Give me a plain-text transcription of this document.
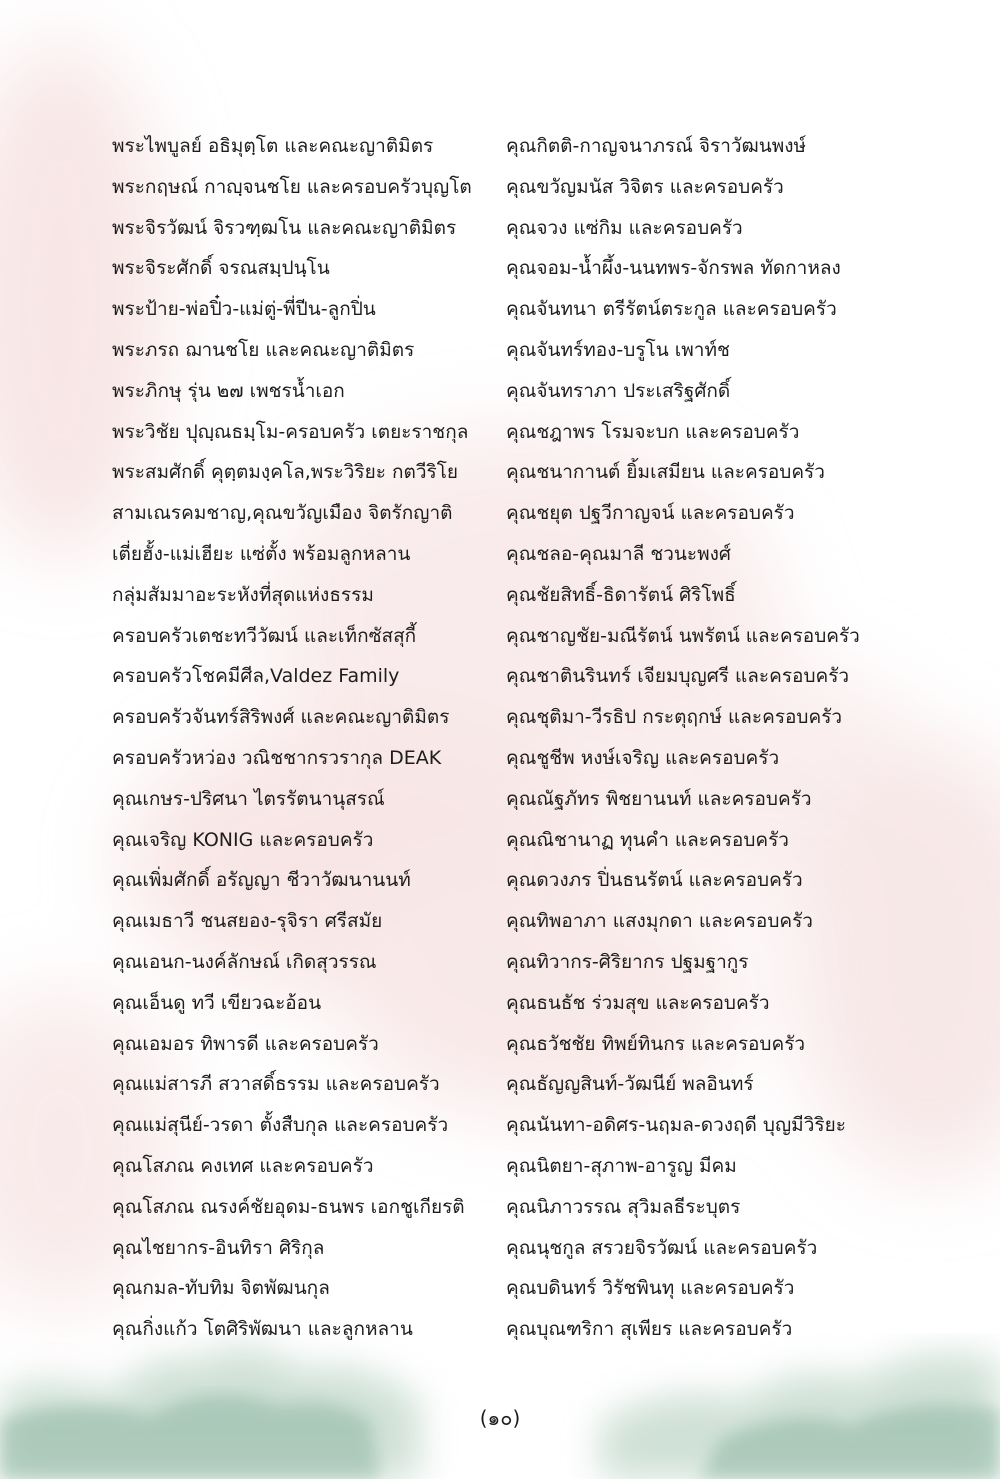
พระไพบูลย์ อธิมุตฺโต และคณะญาติมิตร
พระกฤษณ์ กาญฺจนชโย และครอบครัวบุญโต
พระจิรวัฒน์ จิรวฑฺฒโน และคณะญาติมิตร
พระจิระศักดิ์ จรณสมฺปนฺโน
พระป้าย-พ่อปิ๋ว-แม่ตู่-พี่ปีน-ลูกปิ่น
พระภรถ ฌานชโย และคณะญาติมิตร
พระภิกษุ รุ่น ๒๗ เพชรน้ำเอก
พระวิชัย ปุญฺณธมฺโม-ครอบครัว เตยะราชกุล
พระสมศักดิ์ คุตฺตมงฺคโล,พระวิริยะ กตวีริโย
สามเณรคมชาญ,คุณขวัญเมือง จิตรักญาติ
เตี่ยฮั้ง-แม่เฮียะ แซ่ตั้ง พร้อมลูกหลาน
กลุ่มสัมมาอะระหังที่สุดแห่งธรรม
ครอบครัวเตชะทวีวัฒน์ และเท็กซัสสุกี้
ครอบครัวโชคมีศีล,Valdez Family
ครอบครัวจันทร์สิริพงศ์ และคณะญาติมิตร
ครอบครัวหว่อง วณิชชากรวรากุล DEAK
คุณเกษร-ปริศนา ไตรรัตนานุสรณ์
คุณเจริญ KONIG และครอบครัว
คุณเพิ่มศักดิ์ อรัญญา ชีวาวัฒนานนท์
คุณเมธาวี ชนสยอง-รุจิรา ศรีสมัย
คุณเอนก-นงค์ลักษณ์ เกิดสุวรรณ
คุณเอ็นดู ทวี เขียวฉะอ้อน
คุณเอมอร ทิพารดี และครอบครัว
คุณแม่สารภี สวาสดิ์ธรรม และครอบครัว
คุณแม่สุนีย์-วรดา ตั้งสืบกุล และครอบครัว
คุณโสภณ คงเทศ และครอบครัว
คุณโสภณ ณรงค์ชัยอุดม-ธนพร เอกชูเกียรติ
คุณไชยากร-อินทิรา ศิริกุล
คุณกมล-ทับทิม จิตพัฒนกุล
คุณกิ่งแก้ว โตศิริพัฒนา และลูกหลาน
คุณกิตติ-กาญจนาภรณ์ จิราวัฒนพงษ์
คุณขวัญมนัส วิจิตร และครอบครัว
คุณจวง แซ่กิม และครอบครัว
คุณจอม-น้ำผึ้ง-นนทพร-จักรพล ทัดกาหลง
คุณจันทนา ตรีรัตน์ตระกูล และครอบครัว
คุณจันทร์ทอง-บรูโน เพาท์ช
คุณจันทราภา ประเสริฐศักดิ์
คุณชฎาพร โรมจะบก และครอบครัว
คุณชนากานต์ ยิ้มเสมียน และครอบครัว
คุณชยุต ปฐวีกาญจน์ และครอบครัว
คุณชลอ-คุณมาลี ชวนะพงศ์
คุณชัยสิทธิ์-ธิดารัตน์ ศิริโพธิ์
คุณชาญชัย-มณีรัตน์ นพรัตน์ และครอบครัว
คุณชาตินรินทร์ เจียมบุญศรี และครอบครัว
คุณชุติมา-วีรธิป กระตุฤกษ์ และครอบครัว
คุณชูชีพ หงษ์เจริญ และครอบครัว
คุณณัฐภัทร พิชยานนท์ และครอบครัว
คุณณิชานาฏ ทุนคำ และครอบครัว
คุณดวงภร ปิ่นธนรัตน์ และครอบครัว
คุณทิพอาภา แสงมุกดา และครอบครัว
คุณทิวากร-ศิริยากร ปฐมฐากูร
คุณธนธัช ร่วมสุข และครอบครัว
คุณธวัชชัย ทิพย์ทินกร และครอบครัว
คุณธัญญสินท์-วัฒนีย์ พลอินทร์
คุณนันทา-อดิศร-นฤมล-ดวงฤดี บุญมีวิริยะ
คุณนิตยา-สุภาพ-อารูญ มีคม
คุณนิภาวรรณ สุวิมลธีระบุตร
คุณนุชกูล สรวยจิรวัฒน์ และครอบครัว
คุณบดินทร์ วิรัชพินทุ และครอบครัว
คุณบุณฑริกา สุเพียร และครอบครัว
(๑๐)
